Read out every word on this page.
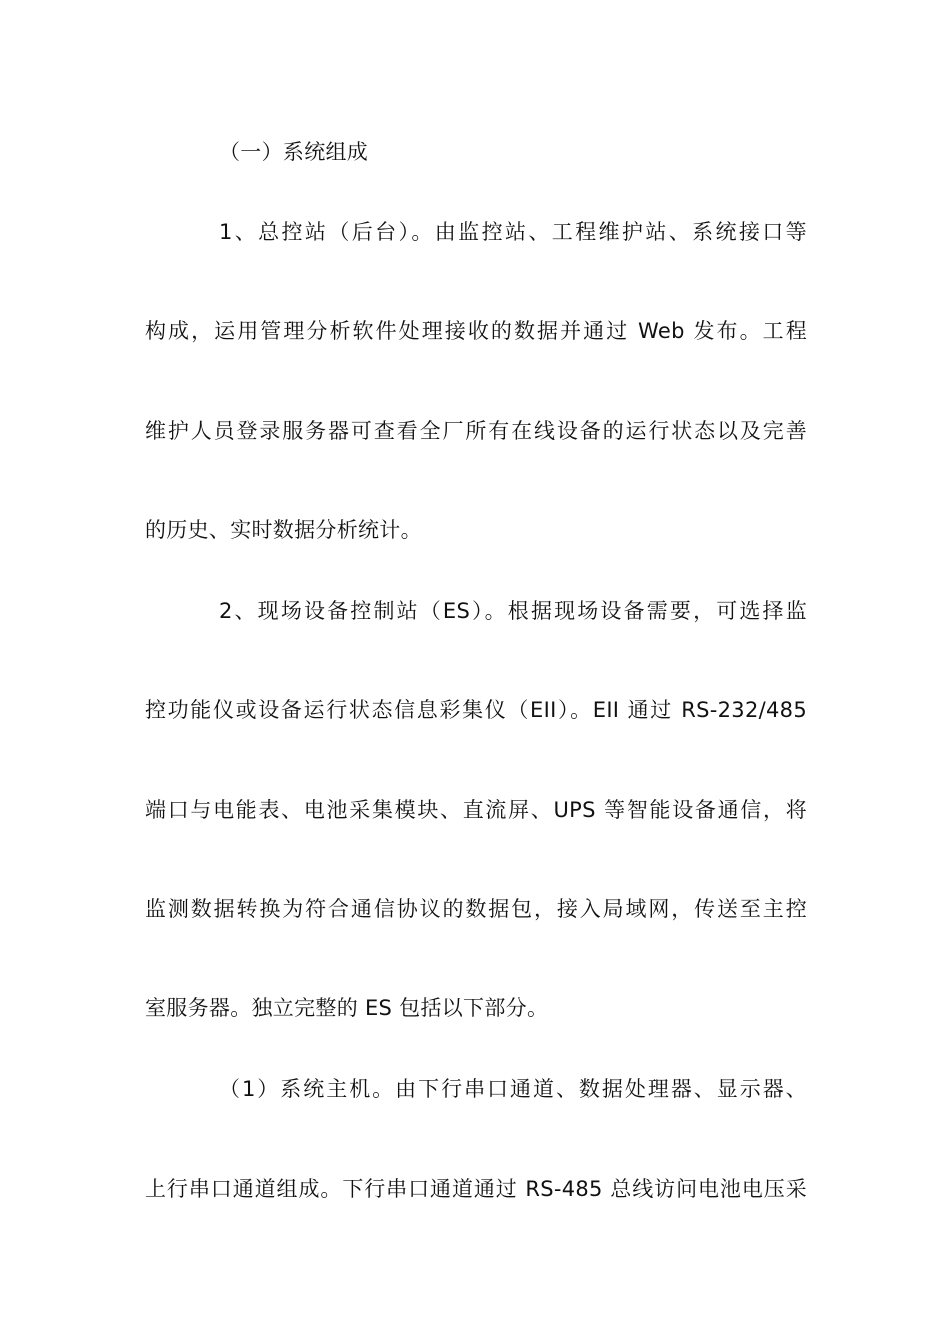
（一）系统组成
1、总控站（后台）。由监控站、工程维护站、系统接口等
构成，运用管理分析软件处理接收的数据并通过 Web 发布。工程
维护人员登录服务器可查看全厂所有在线设备的运行状态以及完善
的历史、实时数据分析统计。
2、现场设备控制站（ES）。根据现场设备需要，可选择监
控功能仪或设备运行状态信息彩集仪（EII）。EII 通过 RS-232/485
端口与电能表、电池采集模块、直流屏、UPS 等智能设备通信，将
监测数据转换为符合通信协议的数据包，接入局域网，传送至主控
室服务器。独立完整的 ES 包括以下部分。
（1）系统主机。由下行串口通道、数据处理器、显示器、
上行串口通道组成。下行串口通道通过 RS-485 总线访问电池电压采
